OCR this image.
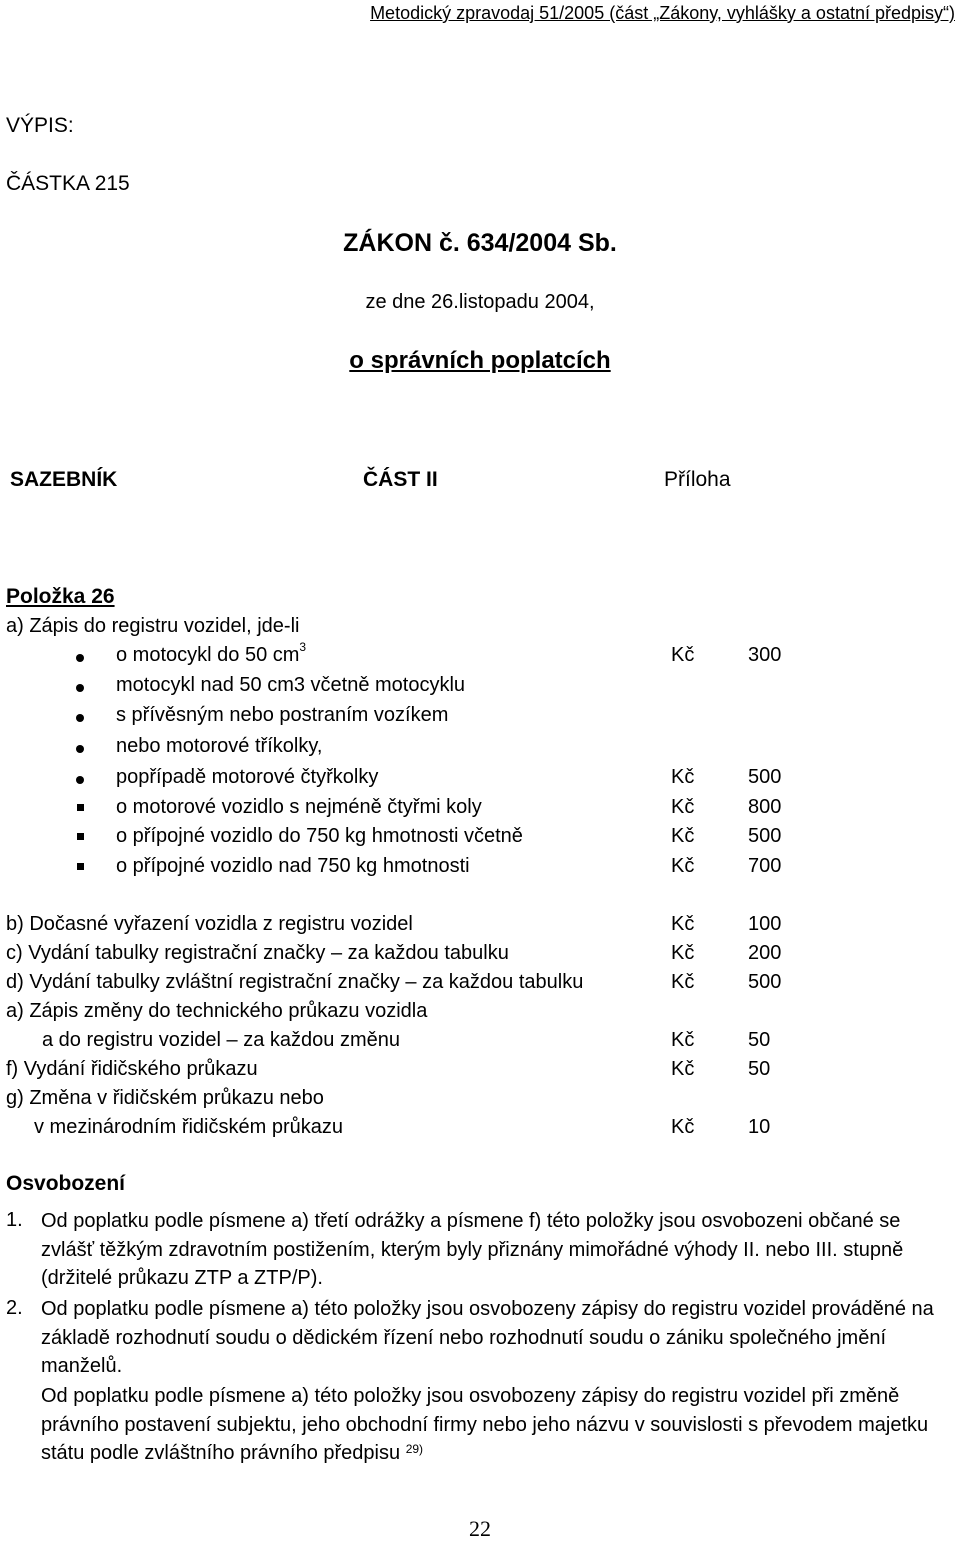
Metodický zpravodaj 51/2005 (část „Zákony, vyhlášky a ostatní předpisy“)
VÝPIS:
ČÁSTKA 215
ZÁKON č. 634/2004 Sb.
ze dne 26.listopadu 2004,
o správních poplatcích
SAZEBNÍK	ČÁST II	Příloha
Položka 26
a) Zápis do registru vozidel, jde-li
o motocykl do 50 $cm^3$	Kč	300
motocykl nad 50 cm3 včetně motocyklu
s přívěsným nebo postraním vozíkem
nebo motorové tříkolky,
popřípadě motorové čtyřkolky	Kč	500
o motorové vozidlo s nejméně čtyřmi koly	Kč	800
o přípojné vozidlo do 750 kg hmotnosti včetně	Kč	500
o přípojné vozidlo nad 750 kg hmotnosti	Kč	700
b) Dočasné vyřazení vozidla z registru vozidel	Kč	100
c) Vydání tabulky registrační značky – za každou tabulku	Kč	200
d) Vydání tabulky zvláštní registrační značky – za každou tabulku	Kč	500
a) Zápis změny do technického průkazu vozidla
a do registru vozidel – za každou změnu	Kč	50
f) Vydání řidičského průkazu	Kč	50
g) Změna v řidičském průkazu nebo
v mezinárodním řidičském průkazu	Kč	10
Osvobození
1. Od poplatku podle písmene a) třetí odrážky a písmene f) této položky jsou osvobozeni občané se zvlášť těžkým zdravotním postižením, kterým byly přiznány mimořádné výhody II. nebo III. stupně (držitelé průkazu ZTP a ZTP/P).
2. Od poplatku podle písmene a) této položky jsou osvobozeny zápisy do registru vozidel prováděné na základě rozhodnutí soudu o dědickém řízení nebo rozhodnutí soudu o zániku společného jmění manželů.
Od poplatku podle písmene a) této položky jsou osvobozeny zápisy do registru vozidel při změně právního postavení subjektu, jeho obchodní firmy nebo jeho názvu v souvislosti s převodem majetku státu podle zvláštního právního předpisu $^{29)}$
22
